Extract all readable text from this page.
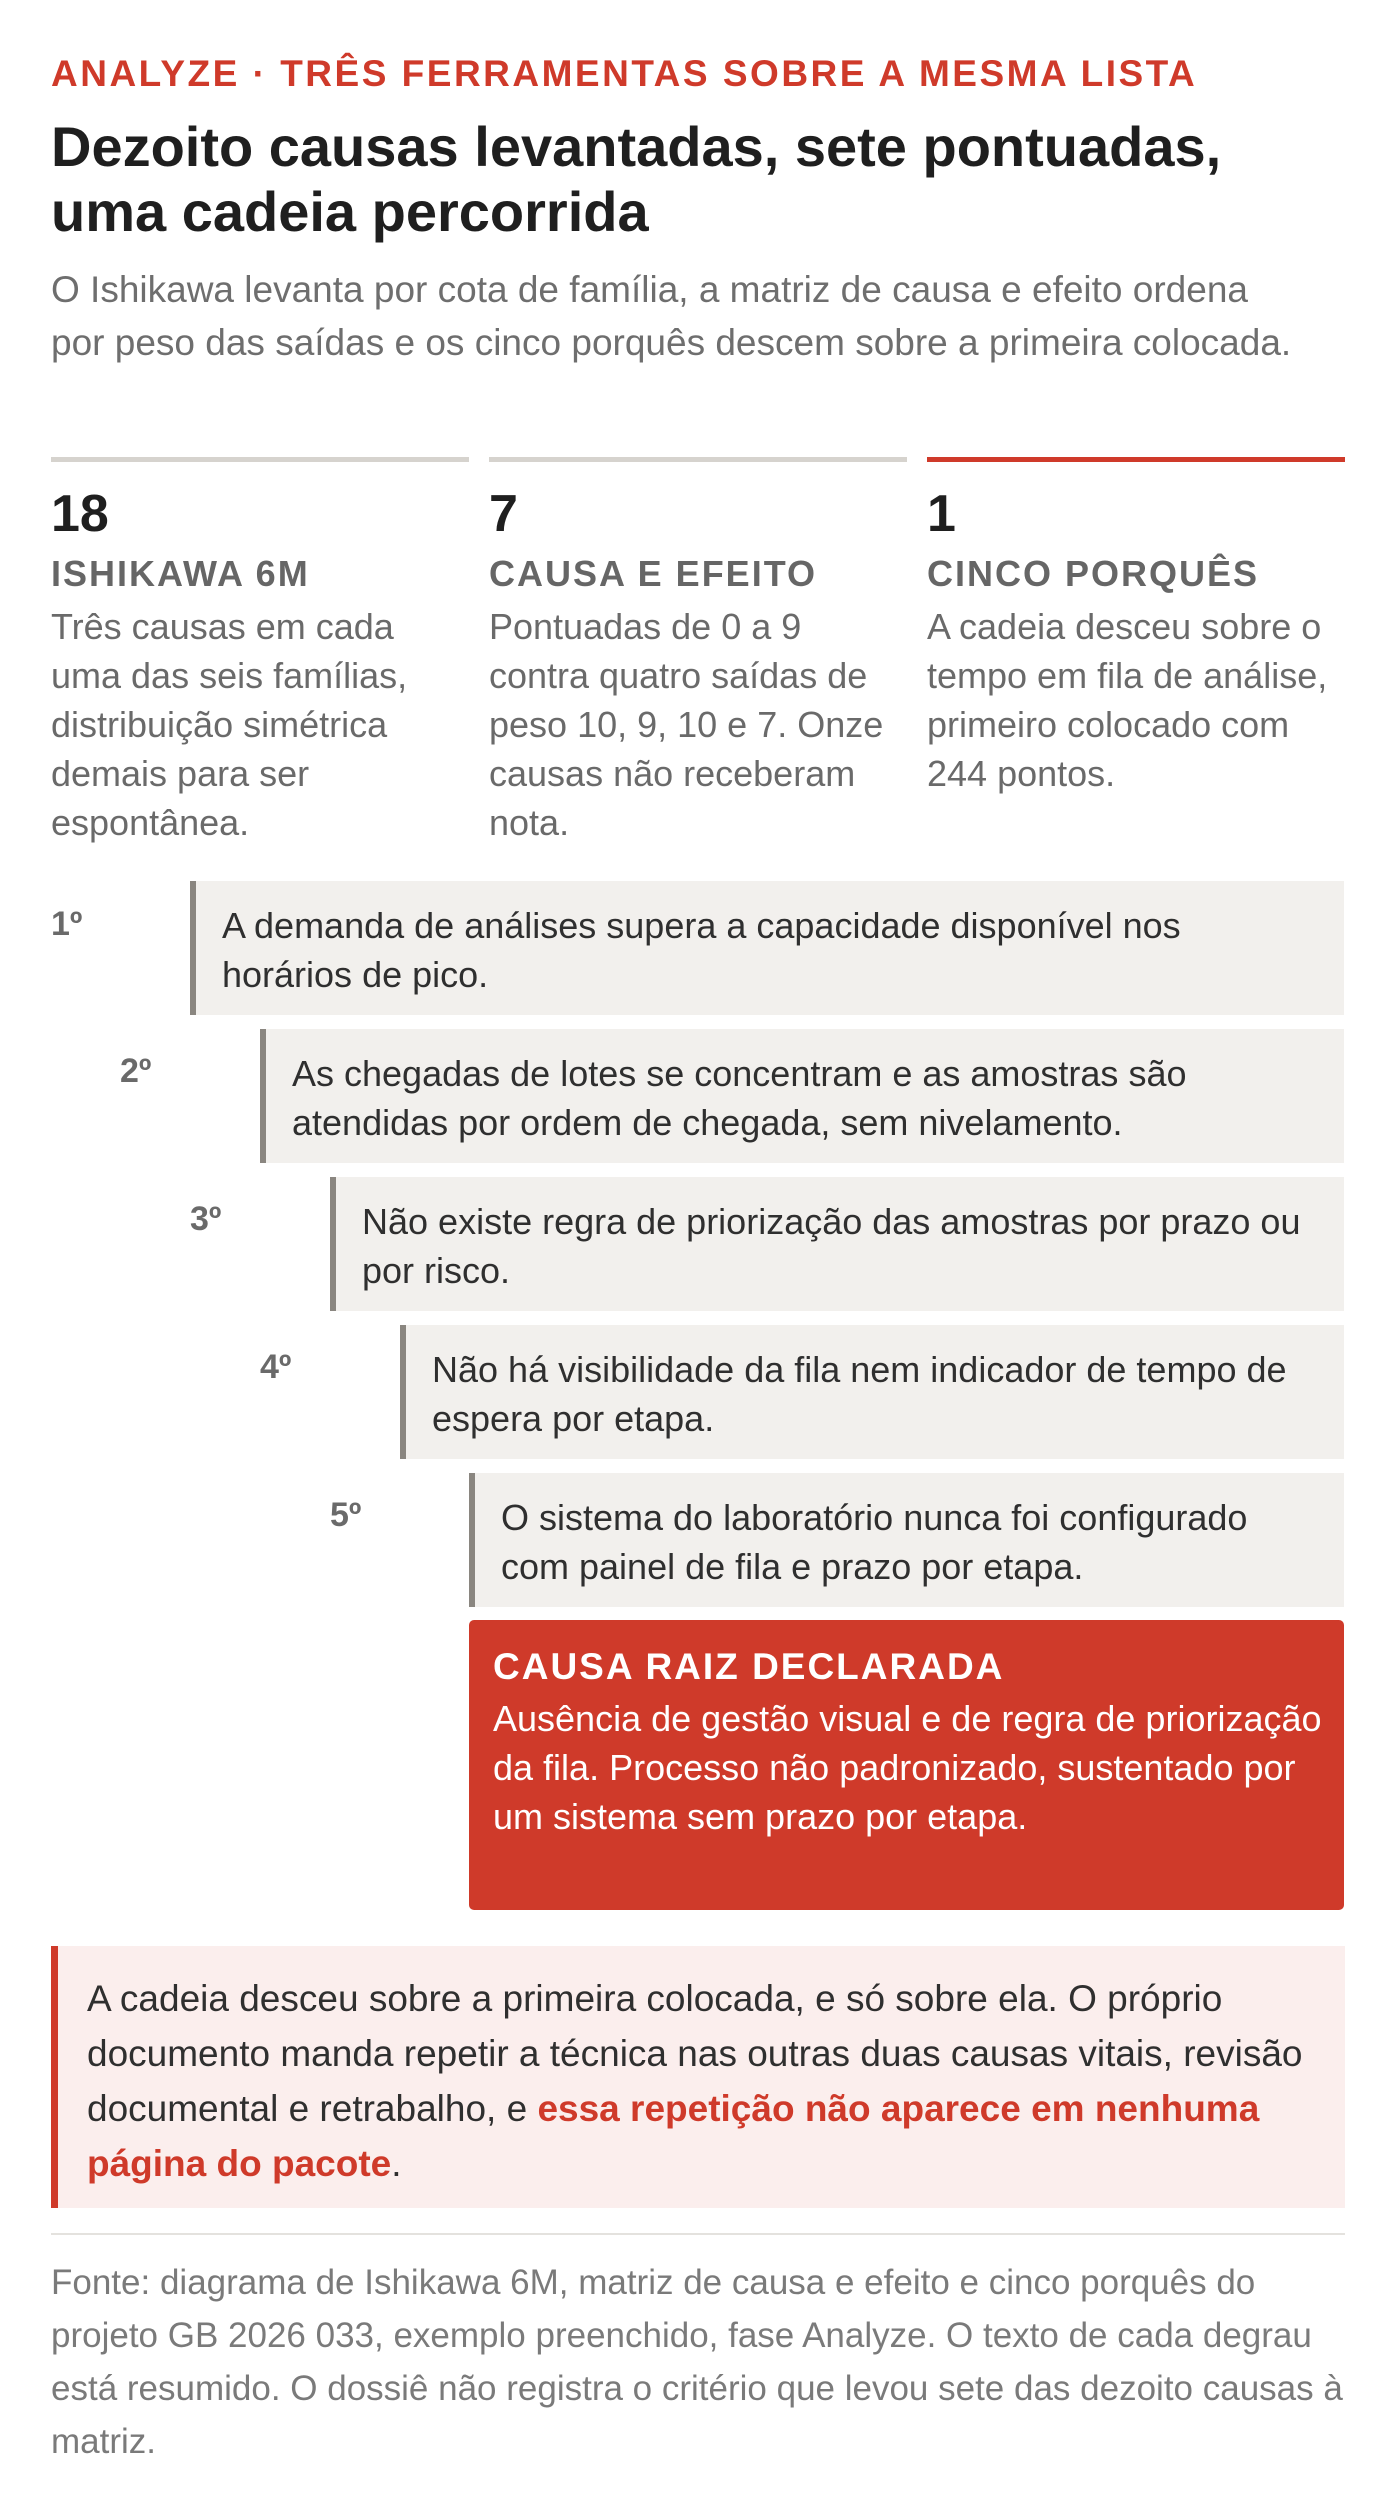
ANALYZE · TRÊS FERRAMENTAS SOBRE A MESMA LISTA
Dezoito causas levantadas, sete pontuadas, uma cadeia percorrida
O Ishikawa levanta por cota de família, a matriz de causa e efeito ordena por peso das saídas e os cinco porquês descem sobre a primeira colocada.
18
ISHIKAWA 6M
Três causas em cada uma das seis famílias, distribuição simétrica demais para ser espontânea.
7
CAUSA E EFEITO
Pontuadas de 0 a 9 contra quatro saídas de peso 10, 9, 10 e 7. Onze causas não receberam nota.
1
CINCO PORQUÊS
A cadeia desceu sobre o tempo em fila de análise, primeiro colocado com 244 pontos.
1º	A demanda de análises supera a capacidade disponível nos horários de pico.
2º	As chegadas de lotes se concentram e as amostras são atendidas por ordem de chegada, sem nivelamento.
3º	Não existe regra de priorização das amostras por prazo ou por risco.
4º	Não há visibilidade da fila nem indicador de tempo de espera por etapa.
5º	O sistema do laboratório nunca foi configurado com painel de fila e prazo por etapa.
CAUSA RAIZ DECLARADA
Ausência de gestão visual e de regra de priorização da fila. Processo não padronizado, sustentado por um sistema sem prazo por etapa.
A cadeia desceu sobre a primeira colocada, e só sobre ela. O próprio documento manda repetir a técnica nas outras duas causas vitais, revisão documental e retrabalho, e essa repetição não aparece em nenhuma página do pacote.
Fonte: diagrama de Ishikawa 6M, matriz de causa e efeito e cinco porquês do projeto GB 2026 033, exemplo preenchido, fase Analyze. O texto de cada degrau está resumido. O dossiê não registra o critério que levou sete das dezoito causas à matriz.
